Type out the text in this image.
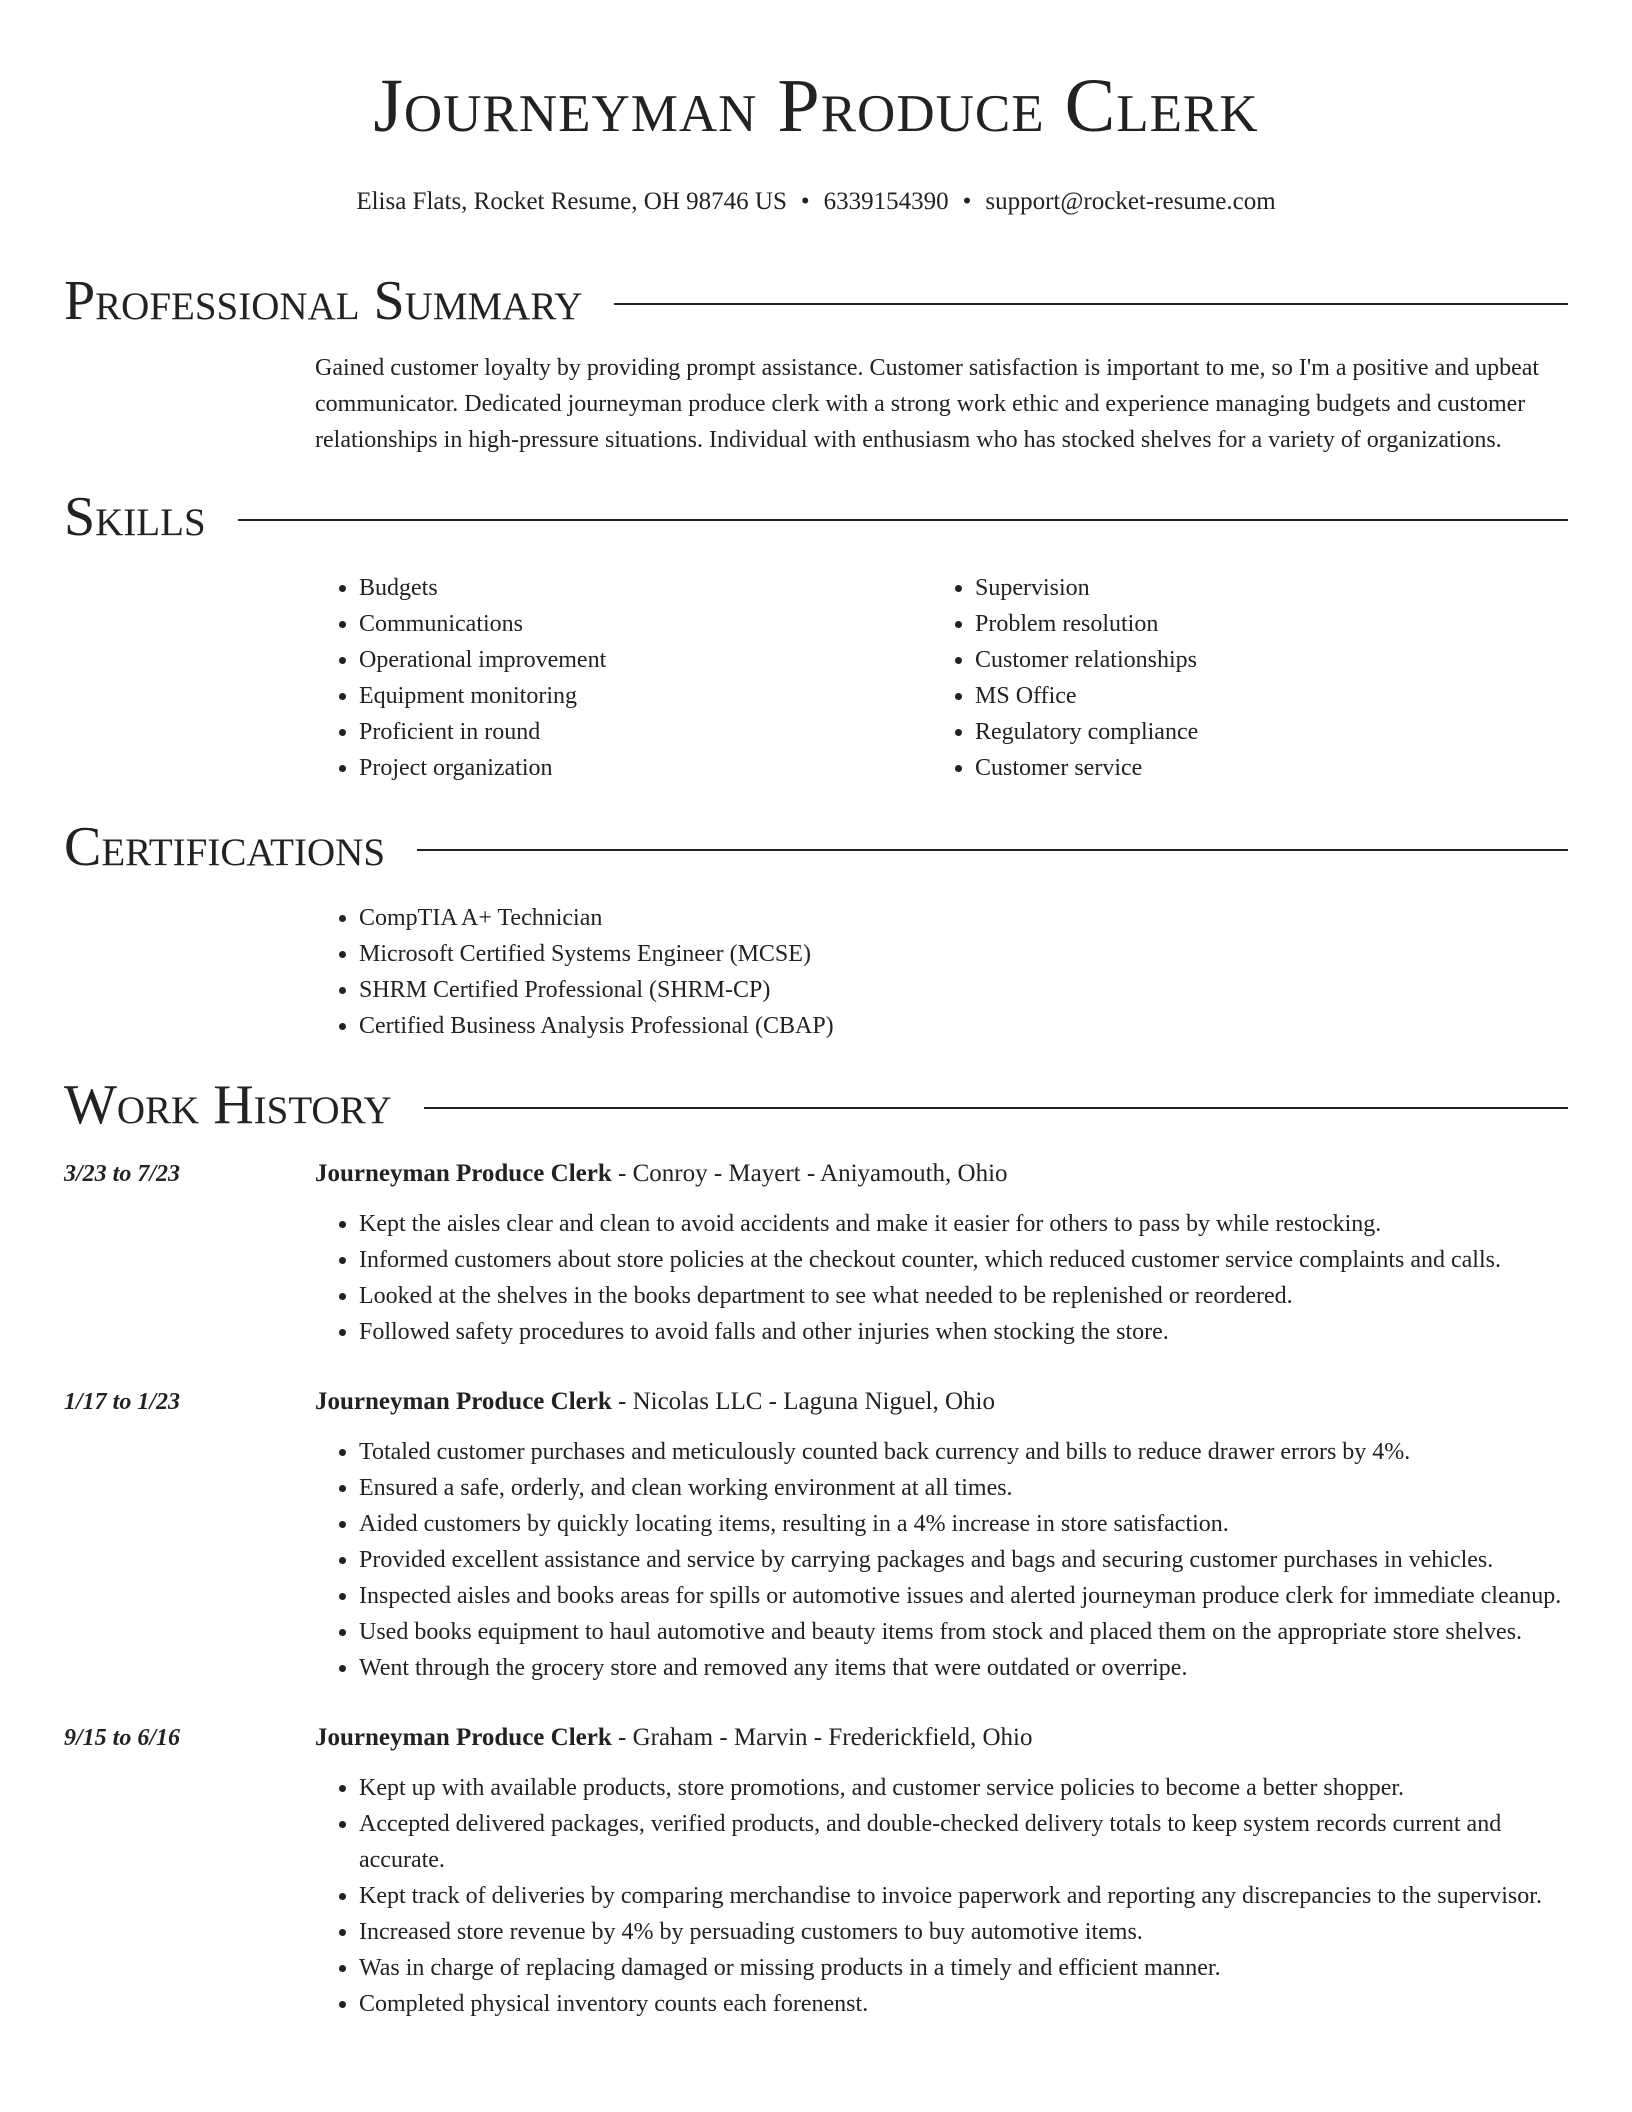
Journeyman Produce Clerk
Elisa Flats, Rocket Resume, OH 98746 US • 6339154390 • support@rocket-resume.com
Professional Summary

Gained customer loyalty by providing prompt assistance. Customer satisfaction is important to me, so I'm a positive and upbeat communicator. Dedicated journeyman produce clerk with a strong work ethic and experience managing budgets and customer relationships in high-pressure situations. Individual with enthusiasm who has stocked shelves for a variety of organizations.

Skills
• Budgets
• Communications
• Operational improvement
• Equipment monitoring
• Proficient in round
• Project organization
• Supervision
• Problem resolution
• Customer relationships
• MS Office
• Regulatory compliance
• Customer service
Certifications
• CompTIA A+ Technician
• Microsoft Certified Systems Engineer (MCSE)
• SHRM Certified Professional (SHRM-CP)
• Certified Business Analysis Professional (CBAP)
Work History
3/23 to 7/23	Journeyman Produce Clerk - Conroy - Mayert - Aniyamouth, Ohio
• Kept the aisles clear and clean to avoid accidents and make it easier for others to pass by while restocking.
• Informed customers about store policies at the checkout counter, which reduced customer service complaints and calls.
• Looked at the shelves in the books department to see what needed to be replenished or reordered.
• Followed safety procedures to avoid falls and other injuries when stocking the store.
1/17 to 1/23	Journeyman Produce Clerk - Nicolas LLC - Laguna Niguel, Ohio
• Totaled customer purchases and meticulously counted back currency and bills to reduce drawer errors by 4%.
• Ensured a safe, orderly, and clean working environment at all times.
• Aided customers by quickly locating items, resulting in a 4% increase in store satisfaction.
• Provided excellent assistance and service by carrying packages and bags and securing customer purchases in vehicles.
• Inspected aisles and books areas for spills or automotive issues and alerted journeyman produce clerk for immediate cleanup.
• Used books equipment to haul automotive and beauty items from stock and placed them on the appropriate store shelves.
• Went through the grocery store and removed any items that were outdated or overripe.
9/15 to 6/16	Journeyman Produce Clerk - Graham - Marvin - Frederickfield, Ohio
• Kept up with available products, store promotions, and customer service policies to become a better shopper.
• Accepted delivered packages, verified products, and double-checked delivery totals to keep system records current and accurate.
• Kept track of deliveries by comparing merchandise to invoice paperwork and reporting any discrepancies to the supervisor.
• Increased store revenue by 4% by persuading customers to buy automotive items.
• Was in charge of replacing damaged or missing products in a timely and efficient manner.
• Completed physical inventory counts each forenenst.
